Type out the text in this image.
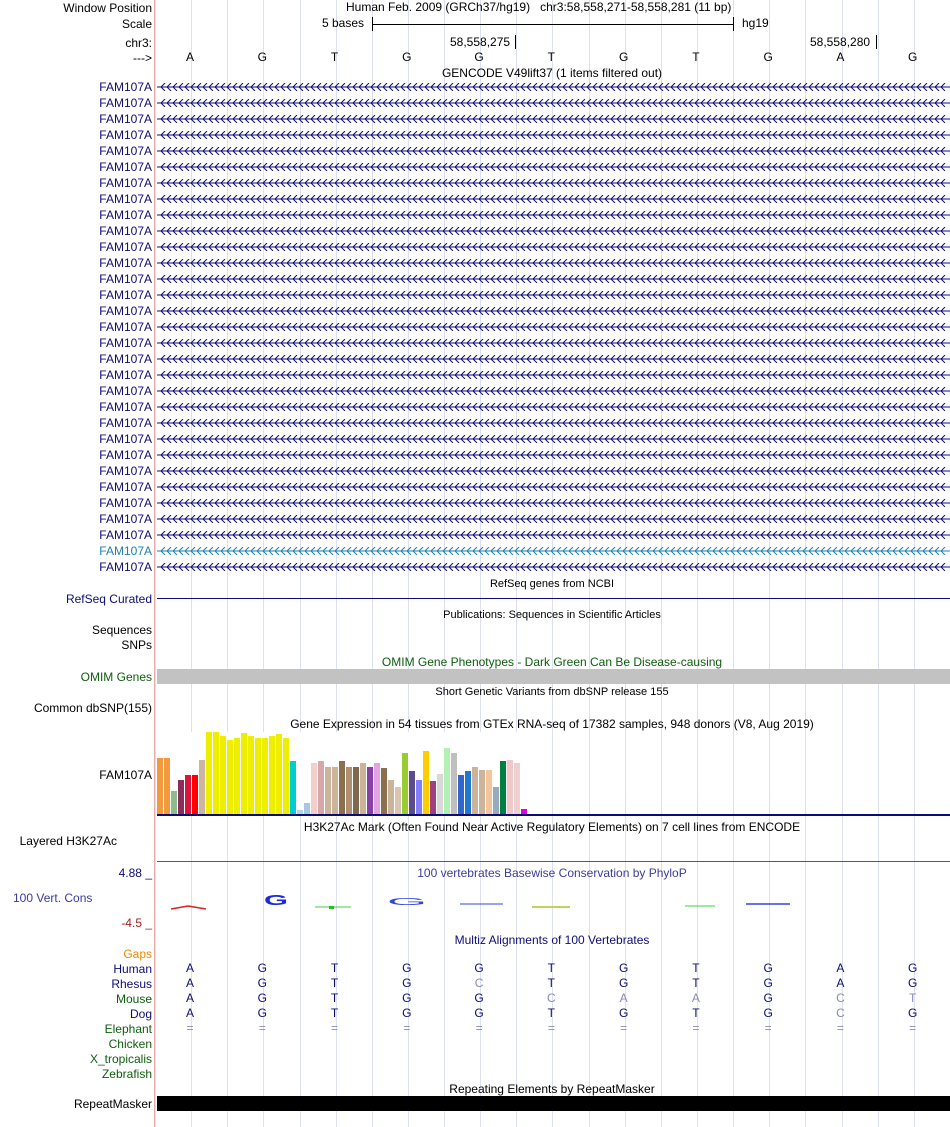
Window Position	Human Feb. 2009 (GRCh37/hg19) chr3:58,558,271-58,558,281 (11 bp)
Scale	5 bases	hg19
chr3:	58,558,275	58,558,280
--->	A	G	T	G	G	T	G	T	G	A	G
GENCODE V49lift37 (1 items filtered out)
FAM107A
FAM107A
FAM107A
FAM107A
FAM107A
FAM107A
FAM107A
FAM107A
FAM107A
FAM107A
FAM107A
FAM107A
FAM107A
FAM107A
FAM107A
FAM107A
FAM107A
FAM107A
FAM107A
FAM107A
FAM107A
FAM107A
FAM107A
FAM107A
FAM107A
FAM107A
FAM107A
FAM107A
FAM107A
FAM107A
FAM107A
RefSeq genes from NCBI
RefSeq Curated
Publications: Sequences in Scientific Articles
Sequences
SNPs
OMIM Gene Phenotypes - Dark Green Can Be Disease-causing
OMIM Genes
Short Genetic Variants from dbSNP release 155
Common dbSNP(155)
Gene Expression in 54 tissues from GTEx RNA-seq of 17382 samples, 948 donors (V8, Aug 2019)
FAM107A
H3K27Ac Mark (Often Found Near Active Regulatory Elements) on 7 cell lines from ENCODE
Layered H3K27Ac
100 vertebrates Basewise Conservation by PhyloP
4.88 _
100 Vert. Cons
-4.5 _
G	G
Multiz Alignments of 100 Vertebrates
Gaps
Human	A	G	T	G	G	T	G	T	G	A	G
Rhesus	A	G	T	G	C	T	G	T	G	A	G
Mouse	A	G	T	G	G	C	A	A	G	C	T
Dog	A	G	T	G	G	T	G	T	G	C	G
Elephant	=	=	=	=	=	=	=	=	=	=	=
Chicken
X_tropicalis
Zebrafish
Repeating Elements by RepeatMasker
RepeatMasker
